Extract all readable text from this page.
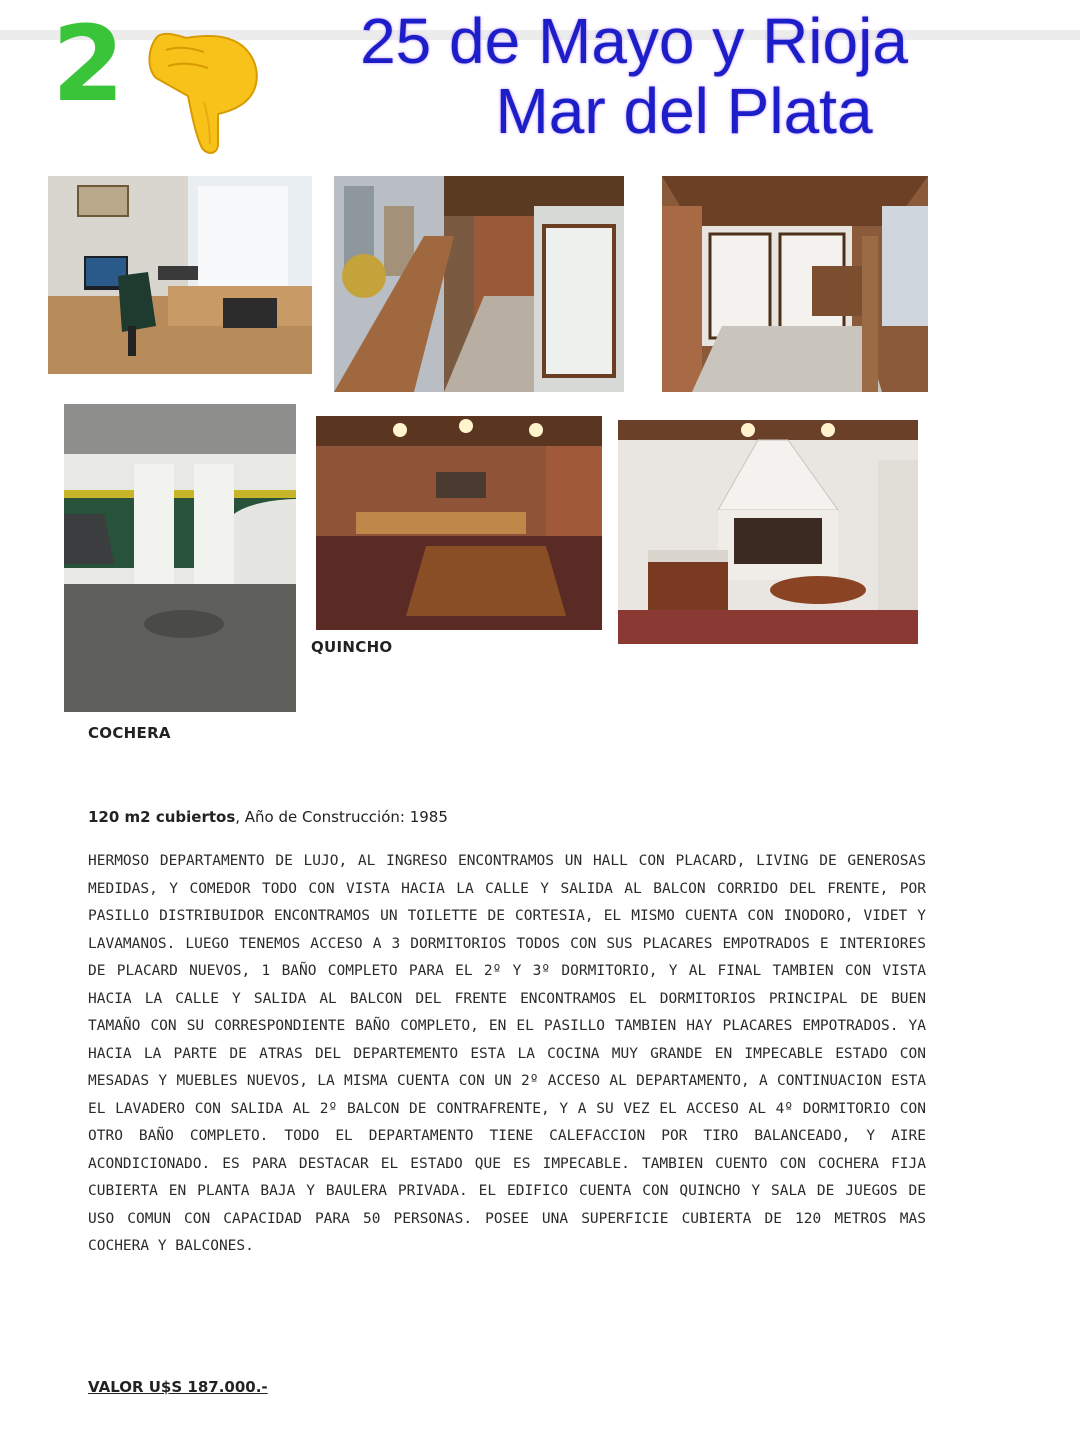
2	25 de Mayo y Rioja
Mar del Plata
QUINCHO
COCHERA
120 m2 cubiertos, Año de Construcción: 1985
HERMOSO DEPARTAMENTO DE LUJO, AL INGRESO ENCONTRAMOS UN HALL CON PLACARD, LIVING DE GENEROSAS MEDIDAS, Y COMEDOR TODO CON VISTA HACIA LA CALLE Y SALIDA AL BALCON CORRIDO DEL FRENTE, POR PASILLO DISTRIBUIDOR ENCONTRAMOS UN TOILETTE DE CORTESIA, EL MISMO CUENTA CON INODORO, VIDET Y LAVAMANOS. LUEGO TENEMOS ACCESO A 3 DORMITORIOS TODOS CON SUS PLACARES EMPOTRADOS E INTERIORES DE PLACARD NUEVOS, 1 BAÑO COMPLETO PARA EL 2º Y 3º DORMITORIO, Y AL FINAL TAMBIEN CON VISTA HACIA LA CALLE Y SALIDA AL BALCON DEL FRENTE ENCONTRAMOS EL DORMITORIOS PRINCIPAL DE BUEN TAMAÑO CON SU CORRESPONDIENTE BAÑO COMPLETO, EN EL PASILLO TAMBIEN HAY PLACARES EMPOTRADOS. YA HACIA LA PARTE DE ATRAS DEL DEPARTEMENTO ESTA LA COCINA MUY GRANDE EN IMPECABLE ESTADO CON MESADAS Y MUEBLES NUEVOS, LA MISMA CUENTA CON UN 2º ACCESO AL DEPARTAMENTO, A CONTINUACION ESTA EL LAVADERO CON SALIDA AL 2º BALCON DE CONTRAFRENTE, Y A SU VEZ EL ACCESO AL 4º DORMITORIO CON OTRO BAÑO COMPLETO. TODO EL DEPARTAMENTO TIENE CALEFACCION POR TIRO BALANCEADO, Y AIRE ACONDICIONADO. ES PARA DESTACAR EL ESTADO QUE ES IMPECABLE. TAMBIEN CUENTO CON COCHERA FIJA CUBIERTA EN PLANTA BAJA Y BAULERA PRIVADA. EL EDIFICO CUENTA CON QUINCHO Y SALA DE JUEGOS DE USO COMUN CON CAPACIDAD PARA 50 PERSONAS. POSEE UNA SUPERFICIE CUBIERTA DE 120 METROS MAS COCHERA Y BALCONES.
VALOR U$S 187.000.-
